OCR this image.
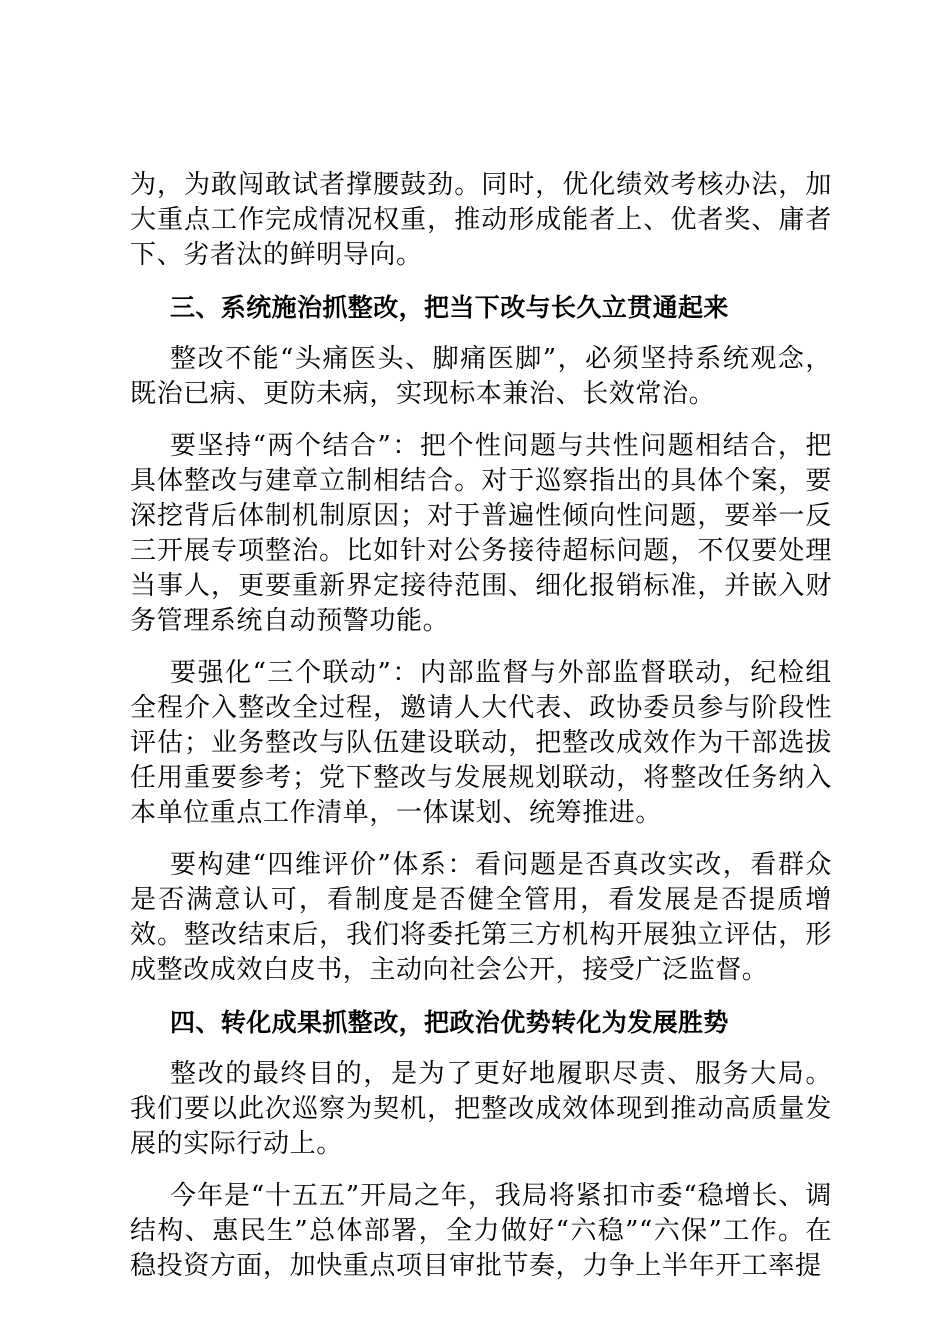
为，为敢闯敢试者撑腰鼓劲。同时，优化绩效考核办法，加大重点工作完成情况权重，推动形成能者上、优者奖、庸者下、劣者汰的鲜明导向。

三、系统施治抓整改，把当下改与长久立贯通起来

整改不能“头痛医头、脚痛医脚”，必须坚持系统观念，既治已病、更防未病，实现标本兼治、长效常治。

要坚持“两个结合”：把个性问题与共性问题相结合，把具体整改与建章立制相结合。对于巡察指出的具体个案，要深挖背后体制机制原因；对于普遍性倾向性问题，要举一反三开展专项整治。比如针对公务接待超标问题，不仅要处理当事人，更要重新界定接待范围、细化报销标准，并嵌入财务管理系统自动预警功能。

要强化“三个联动”：内部监督与外部监督联动，纪检组全程介入整改全过程，邀请人大代表、政协委员参与阶段性评估；业务整改与队伍建设联动，把整改成效作为干部选拔任用重要参考；党下整改与发展规划联动，将整改任务纳入本单位重点工作清单，一体谋划、统筹推进。

要构建“四维评价”体系：看问题是否真改实改，看群众是否满意认可，看制度是否健全管用，看发展是否提质增效。整改结束后，我们将委托第三方机构开展独立评估，形成整改成效白皮书，主动向社会公开，接受广泛监督。

四、转化成果抓整改，把政治优势转化为发展胜势

整改的最终目的，是为了更好地履职尽责、服务大局。我们要以此次巡察为契机，把整改成效体现到推动高质量发展的实际行动上。

今年是“十五五”开局之年，我局将紧扣市委“稳增长、调结构、惠民生”总体部署，全力做好“六稳”“六保”工作。在稳投资方面，加快重点项目审批节奏，力争上半年开工率提
